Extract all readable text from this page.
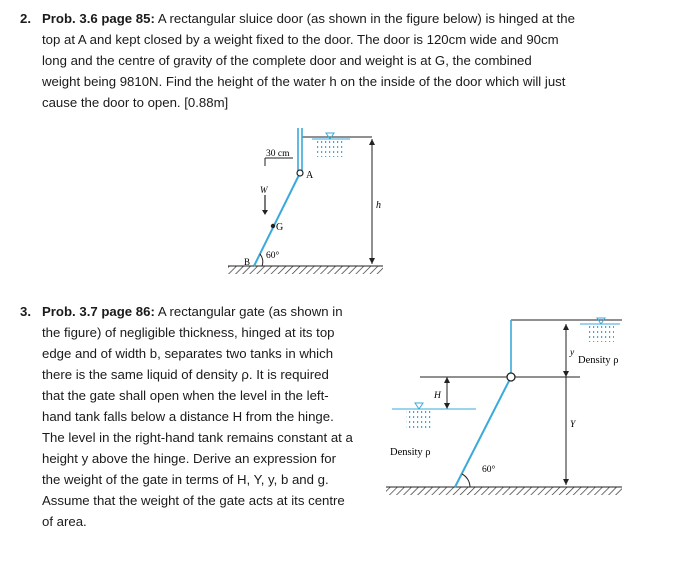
2. Prob. 3.6 page 85: A rectangular sluice door (as shown in the figure below) is hinged at the
top at A and kept closed by a weight fixed to the door. The door is 120cm wide and 90cm
long and the centre of gravity of the complete door and weight is at G, the combined
weight being 9810N. Find the height of the water h on the inside of the door which will just
cause the door to open. [0.88m]
A
30 cm
W
G
60°
B
h
3. Prob. 3.7 page 86: A rectangular gate (as shown in
the figure) of negligible thickness, hinged at its top
edge and of width b, separates two tanks in which
there is the same liquid of density ρ. It is required
that the gate shall open when the level in the left-
hand tank falls below a distance H from the hinge.
The level in the right-hand tank remains constant at a
height y above the hinge. Derive an expression for
the weight of the gate in terms of H, Y, y, b and g.
Assume that the weight of the gate acts at its centre
of area.
y
Density ρ
Y
H
Density ρ
60°
